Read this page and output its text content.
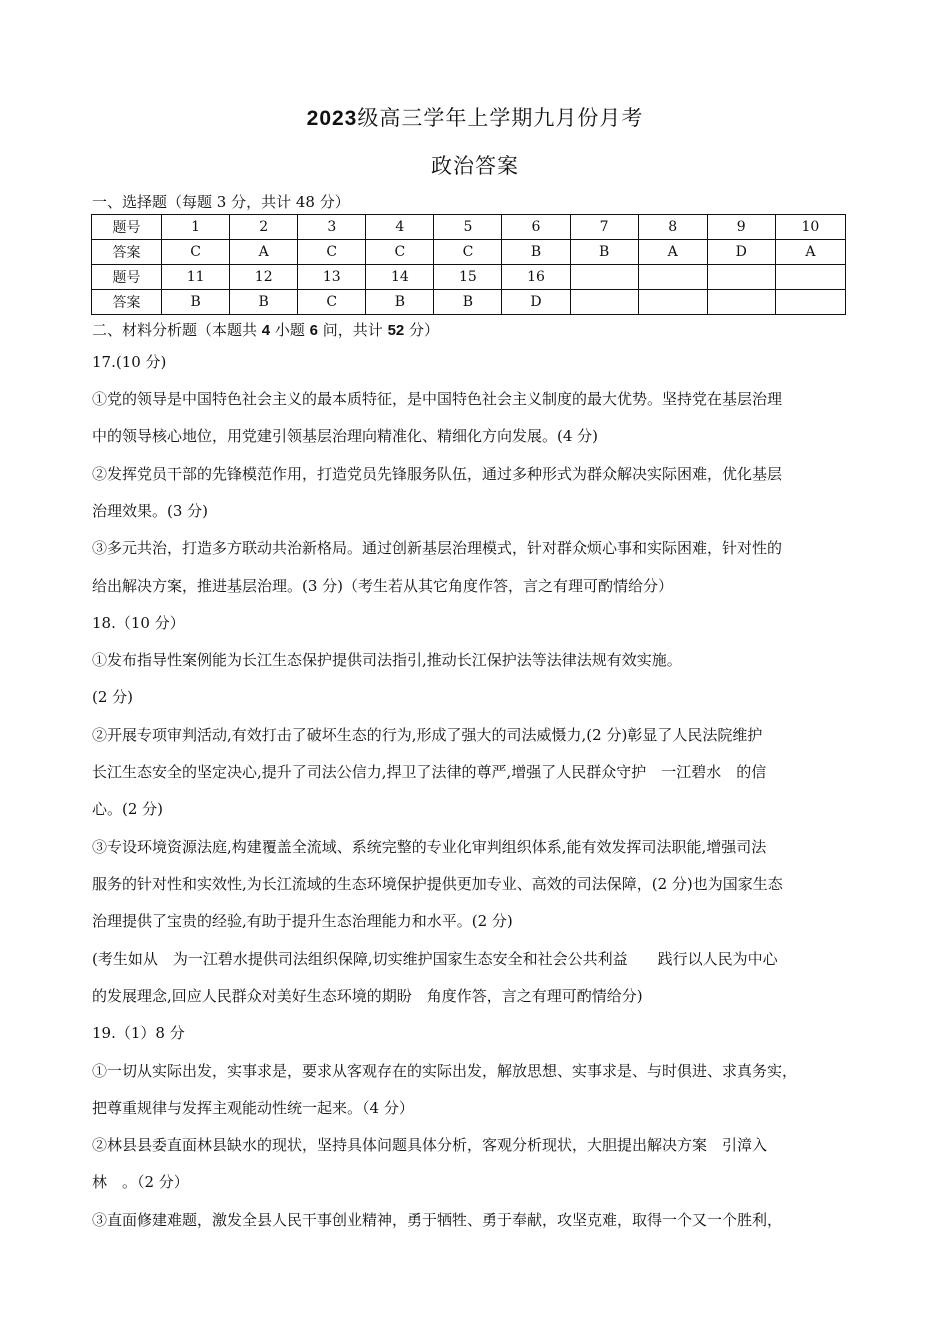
2023级高三学年上学期九月份月考
政治答案
一、选择题（每题 3 分，共计 48 分）
题号	1	2	3	4	5	6	7	8	9	10
答案	C	A	C	C	C	B	B	A	D	A
题号	11	12	13	14	15	16				
答案	B	B	C	B	B	D				
二、材料分析题（本题共 4 小题 6 问，共计 52 分）
17.(10 分)
①党的领导是中国特色社会主义的最本质特征，是中国特色社会主义制度的最大优势。坚持党在基层治理
中的领导核心地位，用党建引领基层治理向精准化、精细化方向发展。(4 分)
②发挥党员干部的先锋模范作用，打造党员先锋服务队伍，通过多种形式为群众解决实际困难，优化基层
治理效果。(3 分)
③多元共治，打造多方联动共治新格局。通过创新基层治理模式，针对群众烦心事和实际困难，针对性的
给出解决方案，推进基层治理。(3 分)（考生若从其它角度作答，言之有理可酌情给分）
18.（10 分）
①发布指导性案例能为长江生态保护提供司法指引,推动长江保护法等法律法规有效实施。
(2 分)
②开展专项审判活动,有效打击了破坏生态的行为,形成了强大的司法威慑力,(2 分)彰显了人民法院维护
长江生态安全的坚定决心,提升了司法公信力,捍卫了法律的尊严,增强了人民群众守护　一江碧水　的信
心。(2 分)
③专设环境资源法庭,构建覆盖全流域、系统完整的专业化审判组织体系,能有效发挥司法职能,增强司法
服务的针对性和实效性,为长江流域的生态环境保护提供更加专业、高效的司法保障，(2 分)也为国家生态
治理提供了宝贵的经验,有助于提升生态治理能力和水平。(2 分)
(考生如从　为一江碧水提供司法组织保障,切实维护国家生态安全和社会公共利益　　践行以人民为中心
的发展理念,回应人民群众对美好生态环境的期盼　角度作答，言之有理可酌情给分)
19.（1）8 分
①一切从实际出发，实事求是，要求从客观存在的实际出发，解放思想、实事求是、与时俱进、求真务实，
把尊重规律与发挥主观能动性统一起来。（4 分）
②林县县委直面林县缺水的现状，坚持具体问题具体分析，客观分析现状，大胆提出解决方案　引漳入
林　。（2 分）
③直面修建难题，激发全县人民干事创业精神，勇于牺牲、勇于奉献，攻坚克难，取得一个又一个胜利，
